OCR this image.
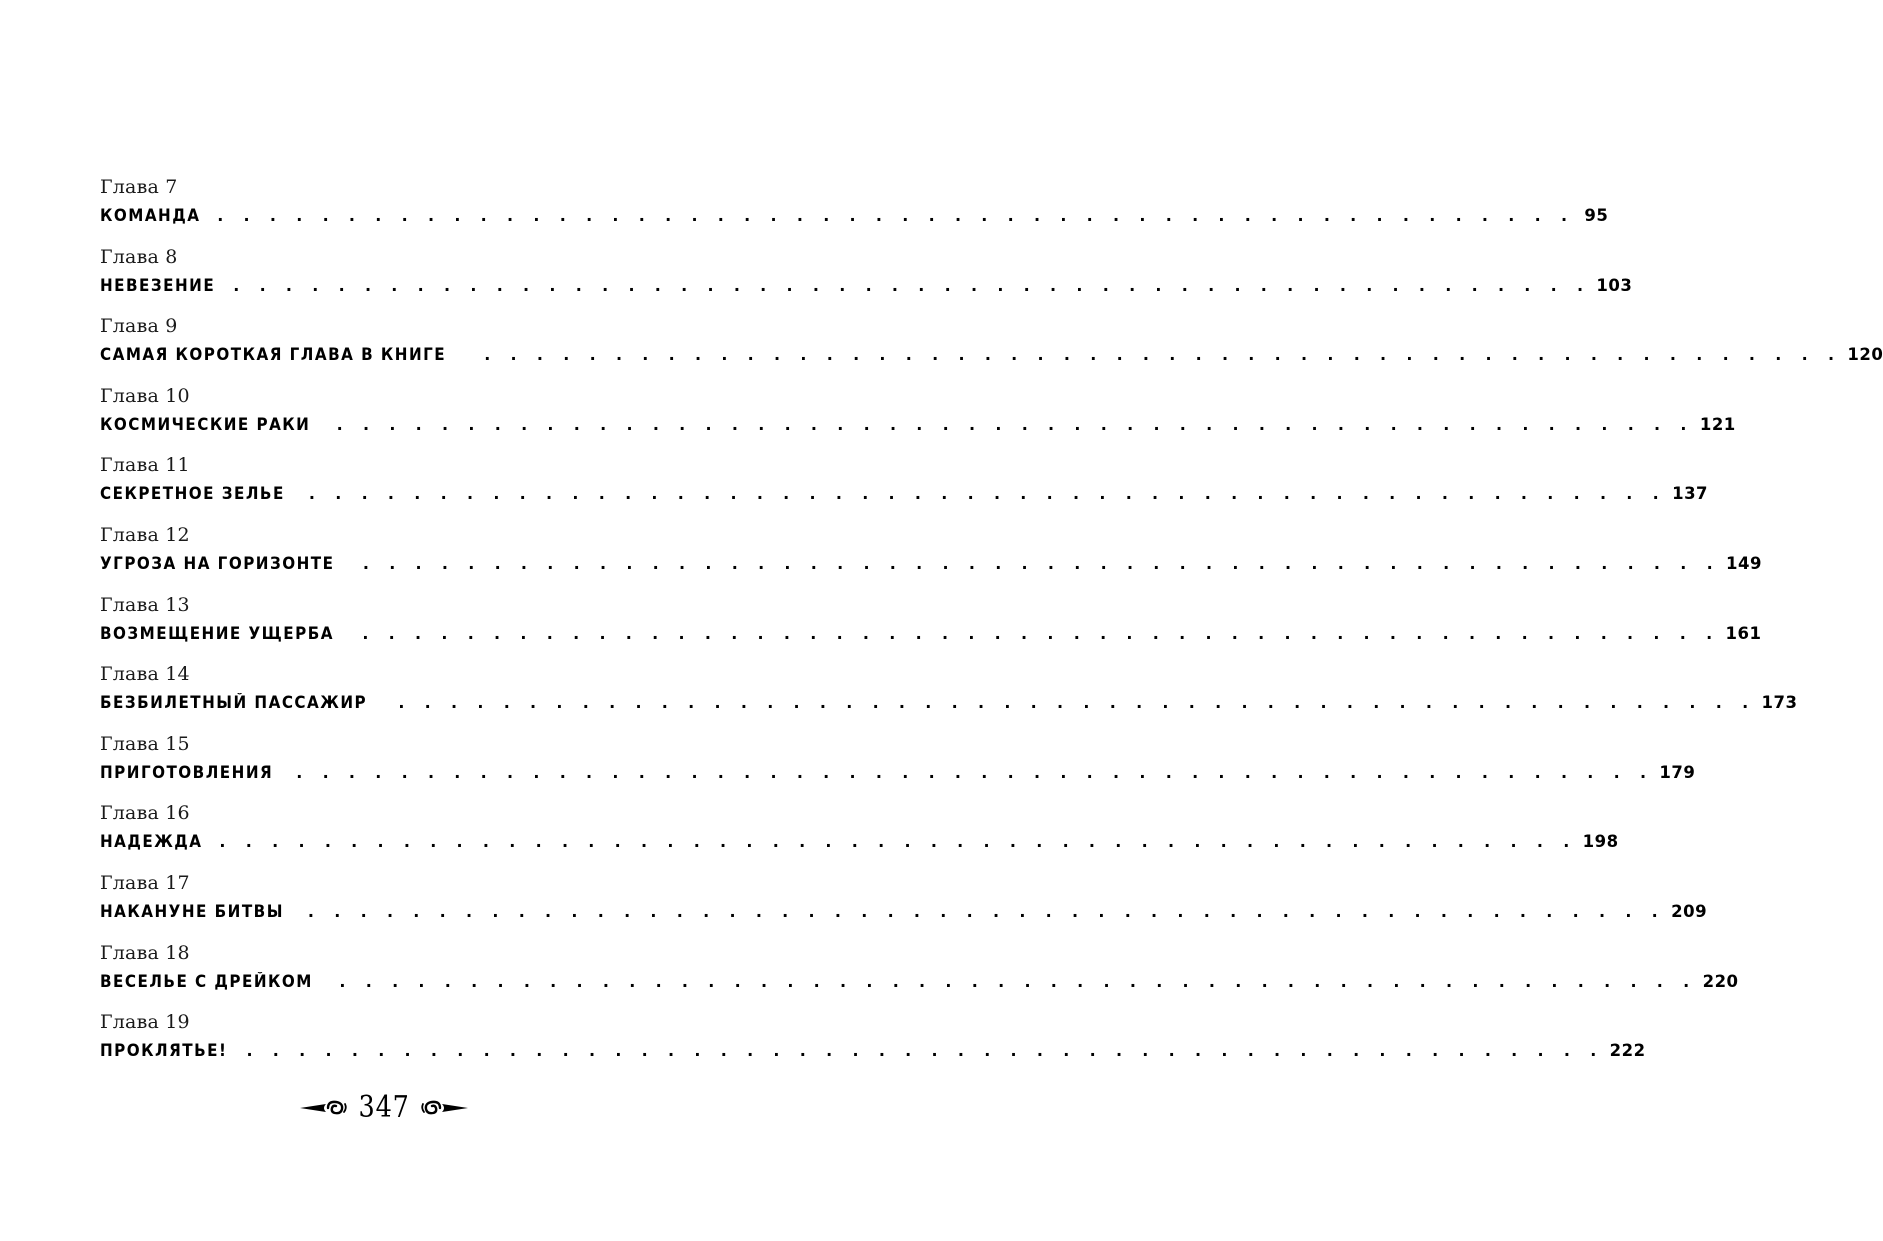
Глава 7
КОМАНДА . . . . . . . . . . . . . . . . . . . . . . . . . . . . . . . . . . . . . . . . . . . . . . . . . . . . 95
Глава 8
НЕВЕЗЕНИЕ . . . . . . . . . . . . . . . . . . . . . . . . . . . . . . . . . . . . . . . . . . . . . . . . . . . . 103
Глава 9
САМАЯ КОРОТКАЯ ГЛАВА В КНИГЕ . . . . . . . . . . . . . . . . . . . . . . . . . . . . . . . . . . . . . . . . . . . . . . . . . . . . 120
Глава 10
КОСМИЧЕСКИЕ РАКИ . . . . . . . . . . . . . . . . . . . . . . . . . . . . . . . . . . . . . . . . . . . . . . . . . . . . 121
Глава 11
СЕКРЕТНОЕ ЗЕЛЬЕ . . . . . . . . . . . . . . . . . . . . . . . . . . . . . . . . . . . . . . . . . . . . . . . . . . . . 137
Глава 12
УГРОЗА НА ГОРИЗОНТЕ . . . . . . . . . . . . . . . . . . . . . . . . . . . . . . . . . . . . . . . . . . . . . . . . . . . . 149
Глава 13
ВОЗМЕЩЕНИЕ УЩЕРБА . . . . . . . . . . . . . . . . . . . . . . . . . . . . . . . . . . . . . . . . . . . . . . . . . . . . 161
Глава 14
БЕЗБИЛЕТНЫЙ ПАССАЖИР . . . . . . . . . . . . . . . . . . . . . . . . . . . . . . . . . . . . . . . . . . . . . . . . . . . . 173
Глава 15
ПРИГОТОВЛЕНИЯ . . . . . . . . . . . . . . . . . . . . . . . . . . . . . . . . . . . . . . . . . . . . . . . . . . . . 179
Глава 16
НАДЕЖДА . . . . . . . . . . . . . . . . . . . . . . . . . . . . . . . . . . . . . . . . . . . . . . . . . . . . 198
Глава 17
НАКАНУНЕ БИТВЫ . . . . . . . . . . . . . . . . . . . . . . . . . . . . . . . . . . . . . . . . . . . . . . . . . . . . 209
Глава 18
ВЕСЕЛЬЕ С ДРЕЙКОМ . . . . . . . . . . . . . . . . . . . . . . . . . . . . . . . . . . . . . . . . . . . . . . . . . . . . 220
Глава 19
ПРОКЛЯТЬЕ! . . . . . . . . . . . . . . . . . . . . . . . . . . . . . . . . . . . . . . . . . . . . . . . . . . . . 222
347
